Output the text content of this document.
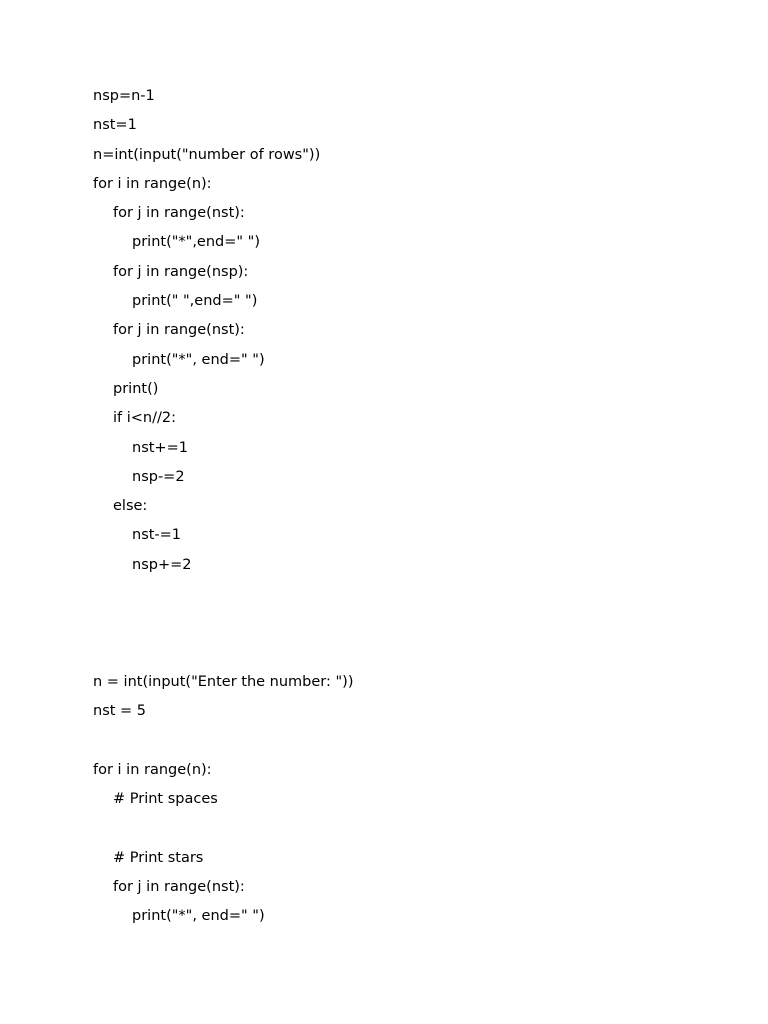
nsp=n-1
nst=1
n=int(input("number of rows"))
for i in range(n):
for j in range(nst):
print("*",end=" ")
for j in range(nsp):
print(" ",end=" ")
for j in range(nst):
print("*", end=" ")
print()
if i<n//2:
nst+=1
nsp-=2
else:
nst-=1
nsp+=2
n = int(input("Enter the number: "))
nst = 5
for i in range(n):
# Print spaces
# Print stars
for j in range(nst):
print("*", end=" ")
